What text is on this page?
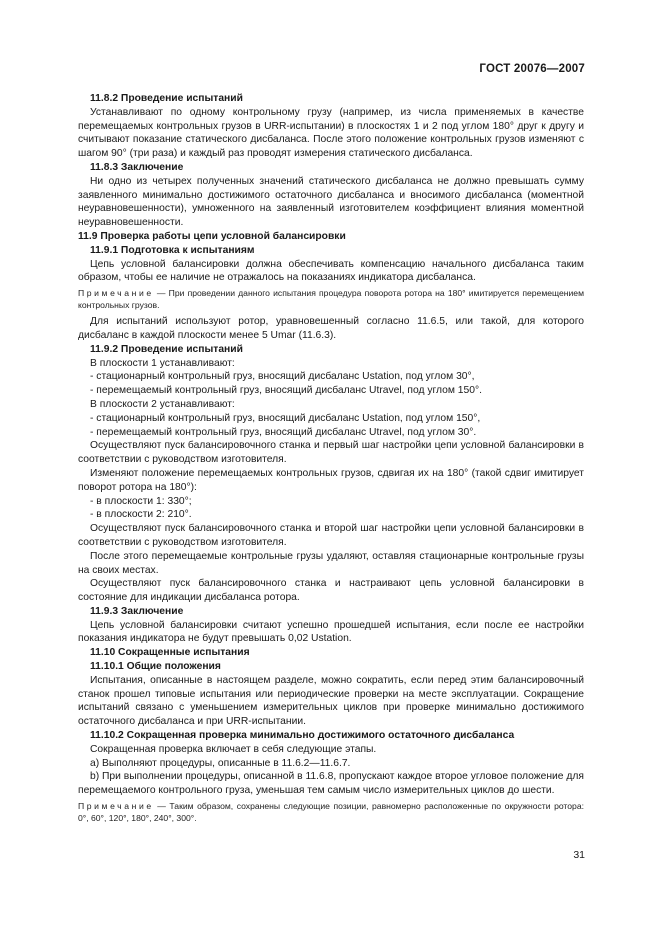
ГОСТ 20076—2007

11.8.2 Проведение испытаний

Устанавливают по одному контрольному грузу (например, из числа применяемых в качестве перемещаемых контрольных грузов в URR-испытании) в плоскостях 1 и 2 под углом 180° друг к другу и считывают показание статического дисбаланса. После этого положение контрольных грузов изменяют с шагом 90° (три раза) и каждый раз проводят измерения статического дисбаланса.

11.8.3 Заключение

Ни одно из четырех полученных значений статического дисбаланса не должно превышать сумму заявленного минимально достижимого остаточного дисбаланса и вносимого дисбаланса (моментной неуравновешенности), умноженного на заявленный изготовителем коэффициент влияния моментной неуравновешенности.

11.9 Проверка работы цепи условной балансировки

11.9.1 Подготовка к испытаниям

Цепь условной балансировки должна обеспечивать компенсацию начального дисбаланса таким образом, чтобы ее наличие не отражалось на показаниях индикатора дисбаланса.

Примечание — При проведении данного испытания процедура поворота ротора на 180° имитируется перемещением контрольных грузов.

Для испытаний используют ротор, уравновешенный согласно 11.6.5, или такой, для которого дисбаланс в каждой плоскости менее 5 Umar (11.6.3).

11.9.2 Проведение испытаний

В плоскости 1 устанавливают:

- стационарный контрольный груз, вносящий дисбаланс Ustation, под углом 30°,

- перемещаемый контрольный груз, вносящий дисбаланс Utravel, под углом 150°.

В плоскости 2 устанавливают:

- стационарный контрольный груз, вносящий дисбаланс Ustation, под углом 150°,

- перемещаемый контрольный груз, вносящий дисбаланс Utravel, под углом 30°.

Осуществляют пуск балансировочного станка и первый шаг настройки цепи условной балансировки в соответствии с руководством изготовителя.

Изменяют положение перемещаемых контрольных грузов, сдвигая их на 180° (такой сдвиг имитирует поворот ротора на 180°):

- в плоскости 1: 330°;

- в плоскости 2: 210°.

Осуществляют пуск балансировочного станка и второй шаг настройки цепи условной балансировки в соответствии с руководством изготовителя.

После этого перемещаемые контрольные грузы удаляют, оставляя стационарные контрольные грузы на своих местах.

Осуществляют пуск балансировочного станка и настраивают цепь условной балансировки в состояние для индикации дисбаланса ротора.

11.9.3 Заключение

Цепь условной балансировки считают успешно прошедшей испытания, если после ее настройки показания индикатора не будут превышать 0,02 Ustation.

11.10 Сокращенные испытания

11.10.1 Общие положения

Испытания, описанные в настоящем разделе, можно сократить, если перед этим балансировочный станок прошел типовые испытания или периодические проверки на месте эксплуатации. Сокращение испытаний связано с уменьшением измерительных циклов при проверке минимально достижимого остаточного дисбаланса и при URR-испытании.

11.10.2 Сокращенная проверка минимально достижимого остаточного дисбаланса

Сокращенная проверка включает в себя следующие этапы.

a) Выполняют процедуры, описанные в 11.6.2—11.6.7.

b) При выполнении процедуры, описанной в 11.6.8, пропускают каждое второе угловое положение для перемещаемого контрольного груза, уменьшая тем самым число измерительных циклов до шести.

Примечание — Таким образом, сохранены следующие позиции, равномерно расположенные по окружности ротора: 0°, 60°, 120°, 180°, 240°, 300°.

31
